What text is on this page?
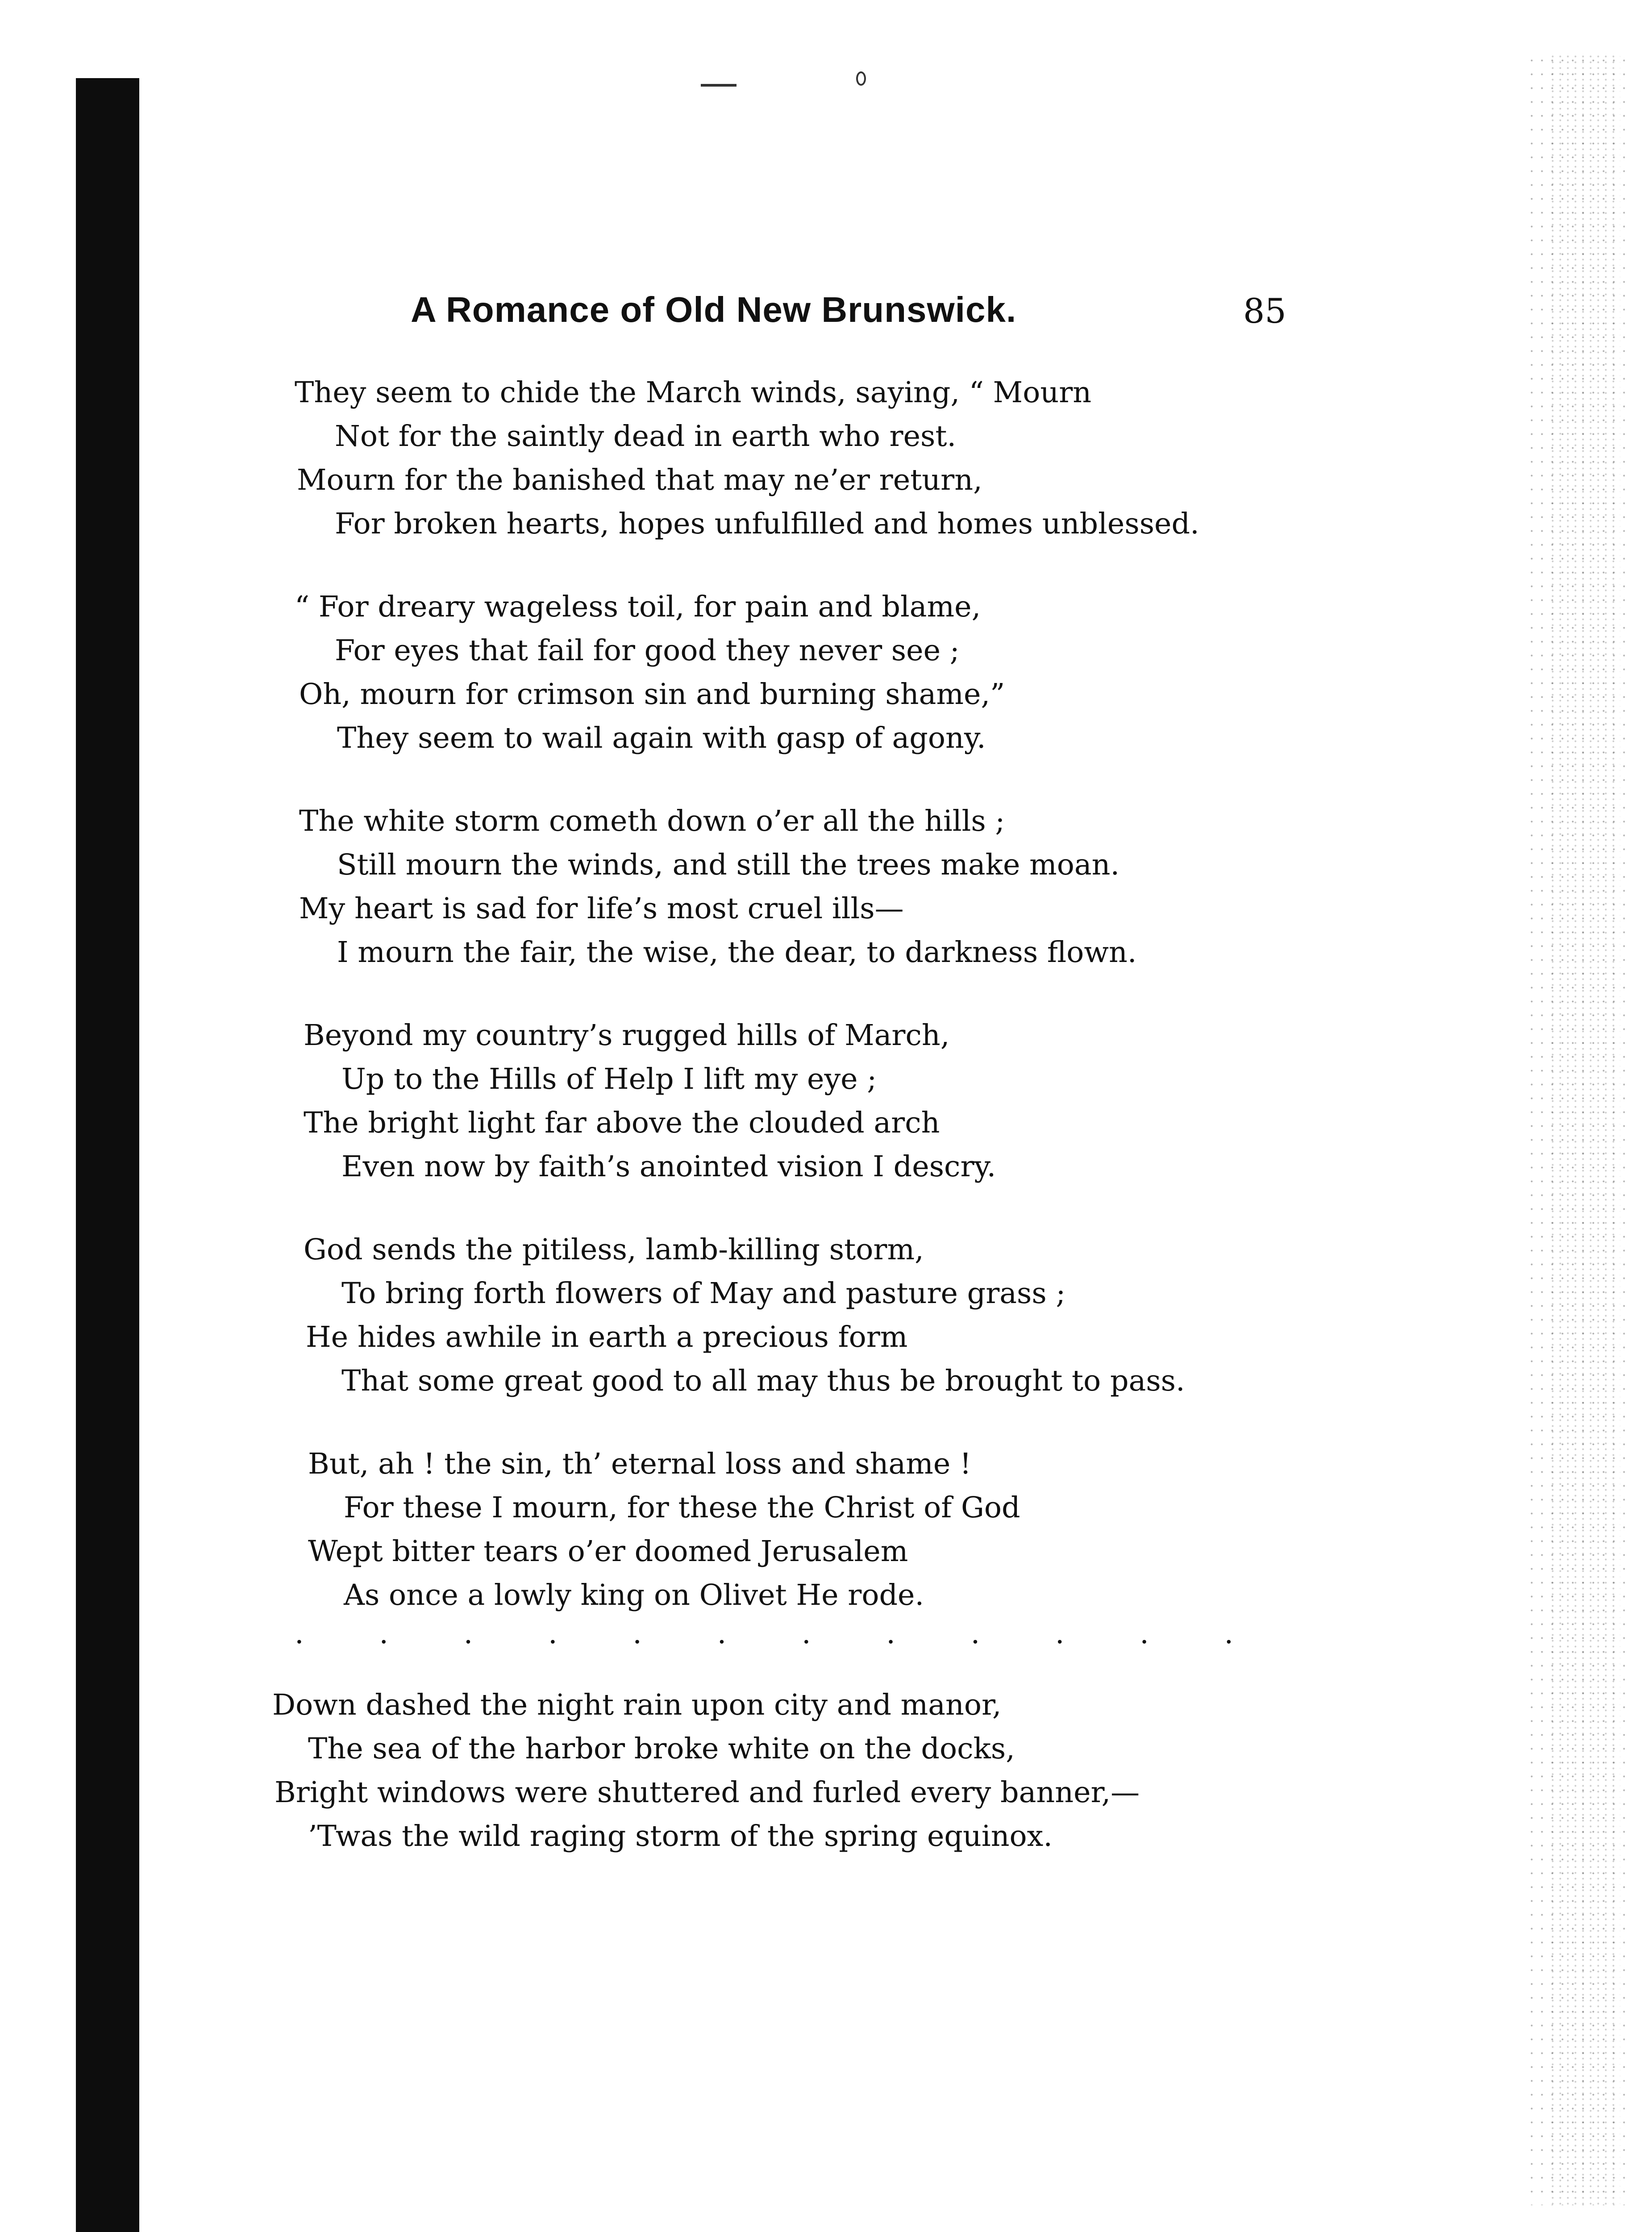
A Romance of Old New Brunswick.	85
They seem to chide the March winds, saying, “ Mourn
Not for the saintly dead in earth who rest.
Mourn for the banished that may ne’er return,
For broken hearts, hopes unfulfilled and homes unblessed.
“ For dreary wageless toil, for pain and blame,
For eyes that fail for good they never see ;
Oh, mourn for crimson sin and burning shame,”
They seem to wail again with gasp of agony.
The white storm cometh down o’er all the hills ;
Still mourn the winds, and still the trees make moan.
My heart is sad for life’s most cruel ills—
I mourn the fair, the wise, the dear, to darkness flown.
Beyond my country’s rugged hills of March,
Up to the Hills of Help I lift my eye ;
The bright light far above the clouded arch
Even now by faith’s anointed vision I descry.
God sends the pitiless, lamb-killing storm,
To bring forth flowers of May and pasture grass ;
He hides awhile in earth a precious form
That some great good to all may thus be brought to pass.
But, ah ! the sin, th’ eternal loss and shame !
For these I mourn, for these the Christ of God
Wept bitter tears o’er doomed Jerusalem
As once a lowly king on Olivet He rode.
. . . . . . . . . . . .
Down dashed the night rain upon city and manor,
The sea of the harbor broke white on the docks,
Bright windows were shuttered and furled every banner,—
’Twas the wild raging storm of the spring equinox.
